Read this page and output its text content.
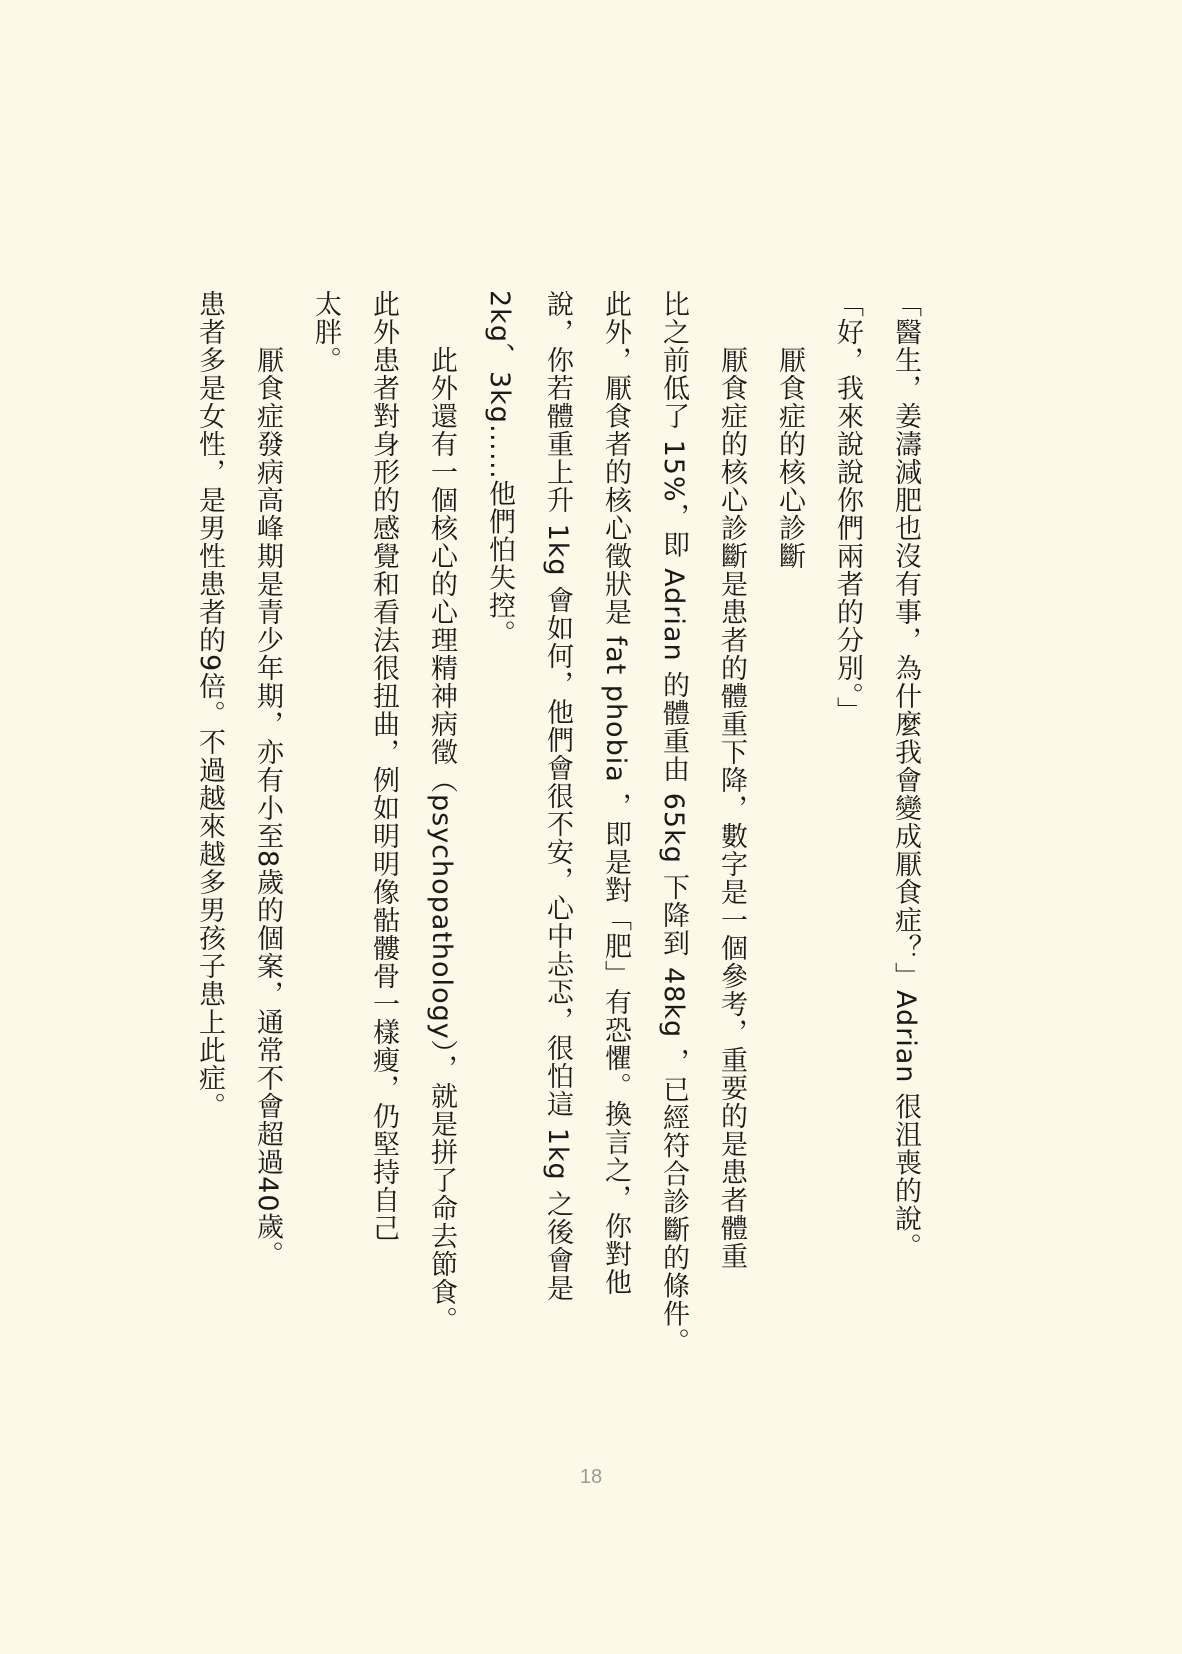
「醫生，姜濤減肥也沒有事，為什麼我會變成厭食症？」Adrian 很沮喪的說。
「好，我來說說你們兩者的分別。」
厭食症的核心診斷
厭食症的核心診斷是患者的體重下降，數字是一個參考，重要的是患者體重
比之前低了 15%，即 Adrian 的體重由 65kg 下降到 48kg ，已經符合診斷的條件。
此外，厭食者的核心徵狀是 fat phobia ，即是對「肥」有恐懼。換言之，你對他
說，你若體重上升 1kg 會如何，他們會很不安，心中忐忑，很怕這 1kg 之後會是
2kg、3kg……他們怕失控。
此外還有一個核心的心理精神病徵（psychopathology），就是拼了命去節食。
此外患者對身形的感覺和看法很扭曲，例如明明像骷髏骨一樣瘦，仍堅持自己
太胖。
厭食症發病高峰期是青少年期，亦有小至8歲的個案，通常不會超過40歲。
患者多是女性，是男性患者的9倍。不過越來越多男孩子患上此症。
18
